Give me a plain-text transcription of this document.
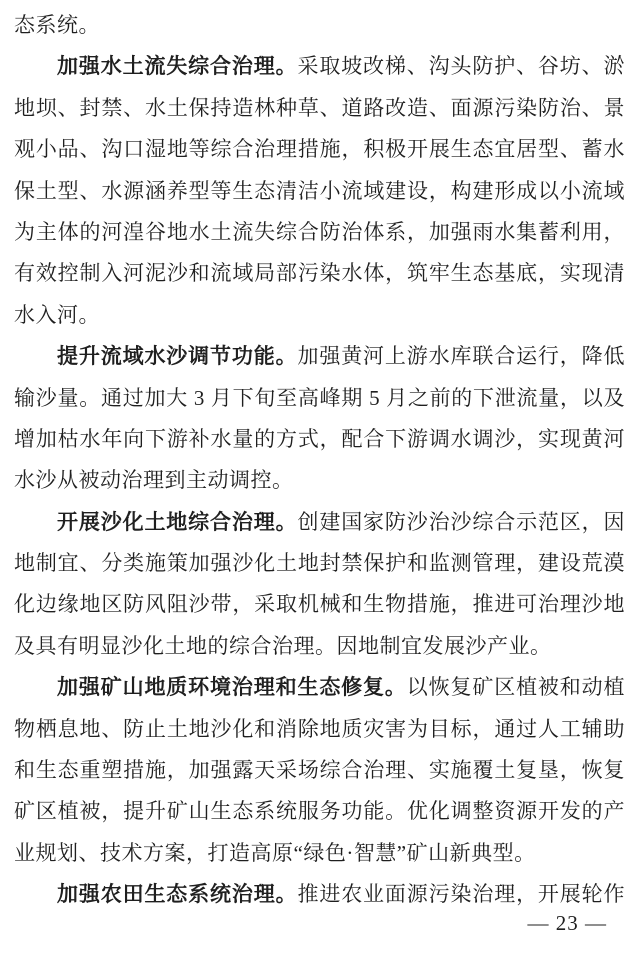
态系统。
加强水土流失综合治理。采取坡改梯、沟头防护、谷坊、淤
地坝、封禁、水土保持造林种草、道路改造、面源污染防治、景
观小品、沟口湿地等综合治理措施，积极开展生态宜居型、蓄水
保土型、水源涵养型等生态清洁小流域建设，构建形成以小流域
为主体的河湟谷地水土流失综合防治体系，加强雨水集蓄利用，
有效控制入河泥沙和流域局部污染水体，筑牢生态基底，实现清
水入河。
提升流域水沙调节功能。加强黄河上游水库联合运行，降低
输沙量。通过加大 3 月下旬至高峰期 5 月之前的下泄流量，以及
增加枯水年向下游补水量的方式，配合下游调水调沙，实现黄河
水沙从被动治理到主动调控。
开展沙化土地综合治理。创建国家防沙治沙综合示范区，因
地制宜、分类施策加强沙化土地封禁保护和监测管理，建设荒漠
化边缘地区防风阻沙带，采取机械和生物措施，推进可治理沙地
及具有明显沙化土地的综合治理。因地制宜发展沙产业。
加强矿山地质环境治理和生态修复。以恢复矿区植被和动植
物栖息地、防止土地沙化和消除地质灾害为目标，通过人工辅助
和生态重塑措施，加强露天采场综合治理、实施覆土复垦，恢复
矿区植被，提升矿山生态系统服务功能。优化调整资源开发的产
业规划、技术方案，打造高原“绿色·智慧”矿山新典型。
加强农田生态系统治理。推进农业面源污染治理，开展轮作
— 23 —
